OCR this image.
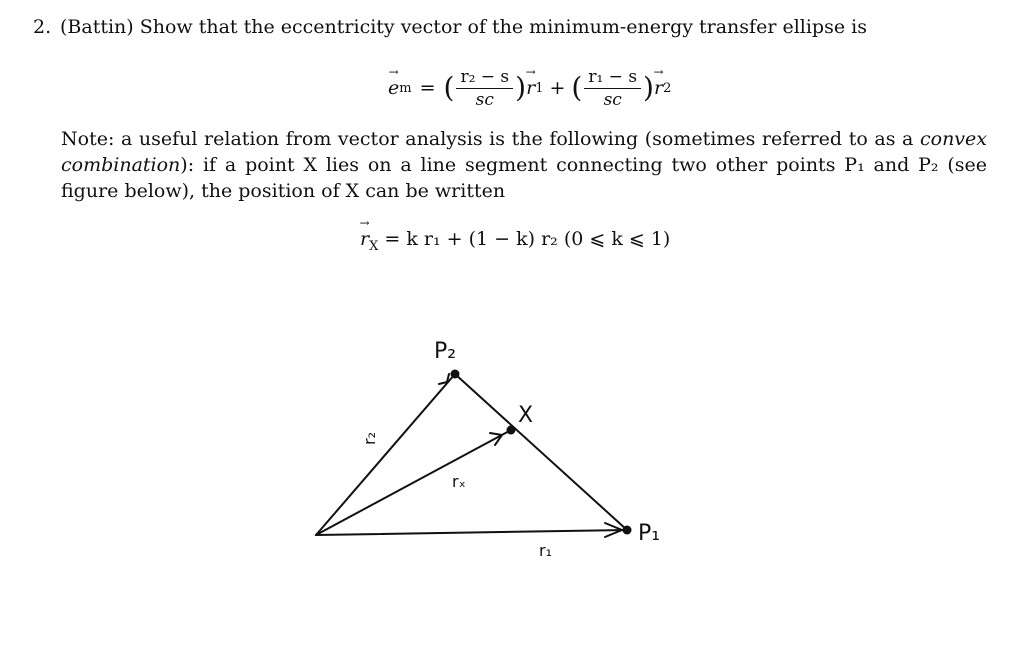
2. (Battin) Show that the eccentricity vector of the minimum-energy transfer ellipse is
→ e m = ( $\frac{\text{r₂ − s}}{sc}$ ) → r 1 + ( $\frac{\text{r₁ − s}}{sc}$ ) → r 2
Note: a useful relation from vector analysis is the following (sometimes referred to as a convex combination): if a point X lies on a line segment connecting two other points P₁ and P₂ (see figure below), the position of X can be written
→ $r_X = k$ r₁ + (1 − k) r₂ (0 ⩽ k ⩽ 1)
P₂
X
P₁
r₂
rₓ
r₁
